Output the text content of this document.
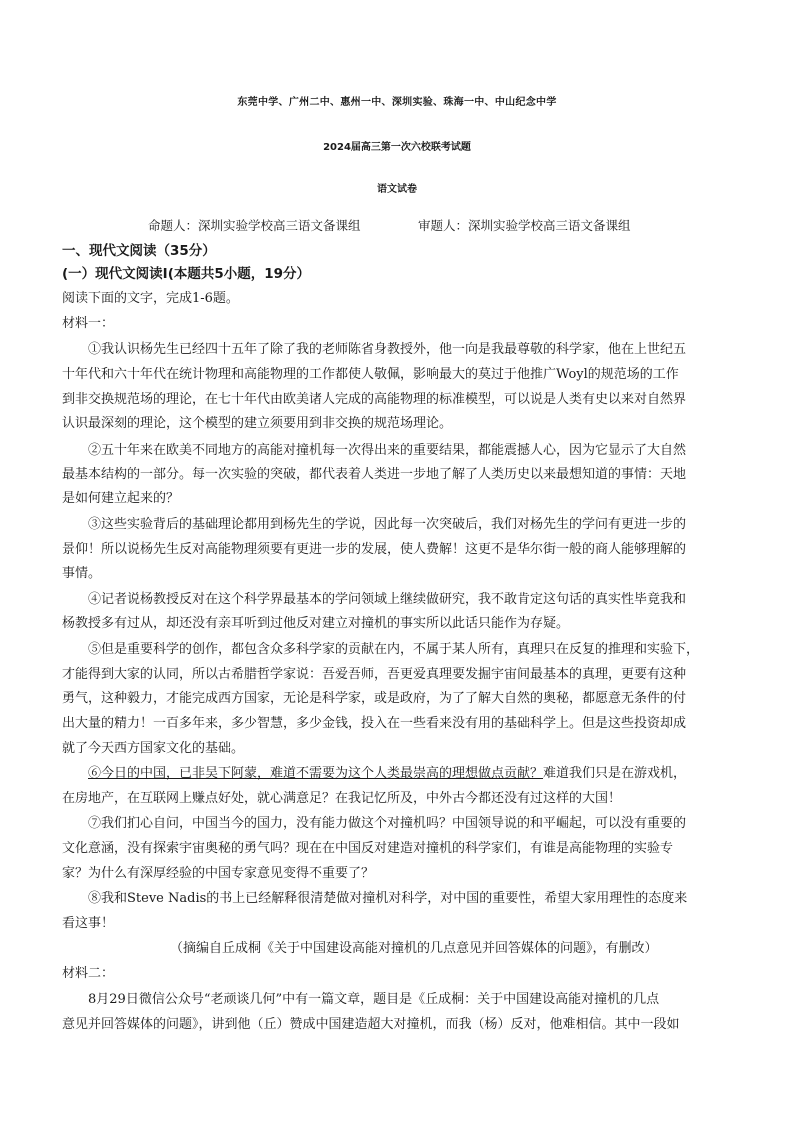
东莞中学、广州二中、惠州一中、深圳实验、珠海一中、中山纪念中学
2024届高三第一次六校联考试题
语文试卷
命题人：深圳实验学校高三语文备课组	审题人：深圳实验学校高三语文备课组
一、现代文阅读（35分）
(一）现代文阅读Ⅰ(本题共5小题，19分）
阅读下面的文字，完成1-6题。
材料一：
①我认识杨先生已经四十五年了除了我的老师陈省身教授外，他一向是我最尊敬的科学家，他在上世纪五
十年代和六十年代在统计物理和高能物理的工作都使人敬佩，影响最大的莫过于他推广Woyl的规范场的工作
到非交换规范场的理论，在七十年代由欧美诸人完成的高能物理的标准模型，可以说是人类有史以来对自然界
认识最深刻的理论，这个模型的建立须要用到非交换的规范场理论。
②五十年来在欧美不同地方的高能对撞机每一次得出来的重要结果，都能震撼人心，因为它显示了大自然
最基本结构的一部分。每一次实验的突破，都代表着人类进一步地了解了人类历史以来最想知道的事情：天地
是如何建立起来的？
③这些实验背后的基础理论都用到杨先生的学说，因此每一次突破后，我们对杨先生的学问有更进一步的
景仰！所以说杨先生反对高能物理须要有更进一步的发展，使人费解！这更不是华尔街一般的商人能够理解的
事情。
④记者说杨教授反对在这个科学界最基本的学问领域上继续做研究，我不敢肯定这句话的真实性毕竟我和
杨教授多有过从，却还没有亲耳听到过他反对建立对撞机的事实所以此话只能作为存疑。
⑤但是重要科学的创作，都包含众多科学家的贡献在内，不属于某人所有，真理只在反复的推理和实验下，
才能得到大家的认同，所以古希腊哲学家说：吾爱吾师，吾更爱真理要发掘宇宙间最基本的真理，更要有这种
勇气，这种毅力，才能完成西方国家，无论是科学家，或是政府，为了了解大自然的奥秘，都愿意无条件的付
出大量的精力！一百多年来，多少智慧，多少金钱，投入在一些看来没有用的基础科学上。但是这些投资却成
就了今天西方国家文化的基础。
⑥今日的中国，已非吴下阿蒙，难道不需要为这个人类最崇高的理想做点贡献？难道我们只是在游戏机，
在房地产，在互联网上赚点好处，就心满意足？在我记忆所及，中外古今都还没有过这样的大国！
⑦我们扪心自问，中国当今的国力，没有能力做这个对撞机吗？中国领导说的和平崛起，可以没有重要的
文化意涵，没有探索宇宙奥秘的勇气吗？现在在中国反对建造对撞机的科学家们，有谁是高能物理的实验专
家？为什么有深厚经验的中国专家意见变得不重要了？
⑧我和Steve Nadis的书上已经解释很清楚做对撞机对科学，对中国的重要性，希望大家用理性的态度来
看这事！
（摘编自丘成桐《关于中国建设高能对撞机的几点意见并回答媒体的问题》，有删改）
材料二：
8月29日微信公众号“老顽谈几何”中有一篇文章，题目是《丘成桐：关于中国建设高能对撞机的几点
意见并回答媒体的问题》，讲到他（丘）赞成中国建造超大对撞机，而我（杨）反对，他难相信。其中一段如
